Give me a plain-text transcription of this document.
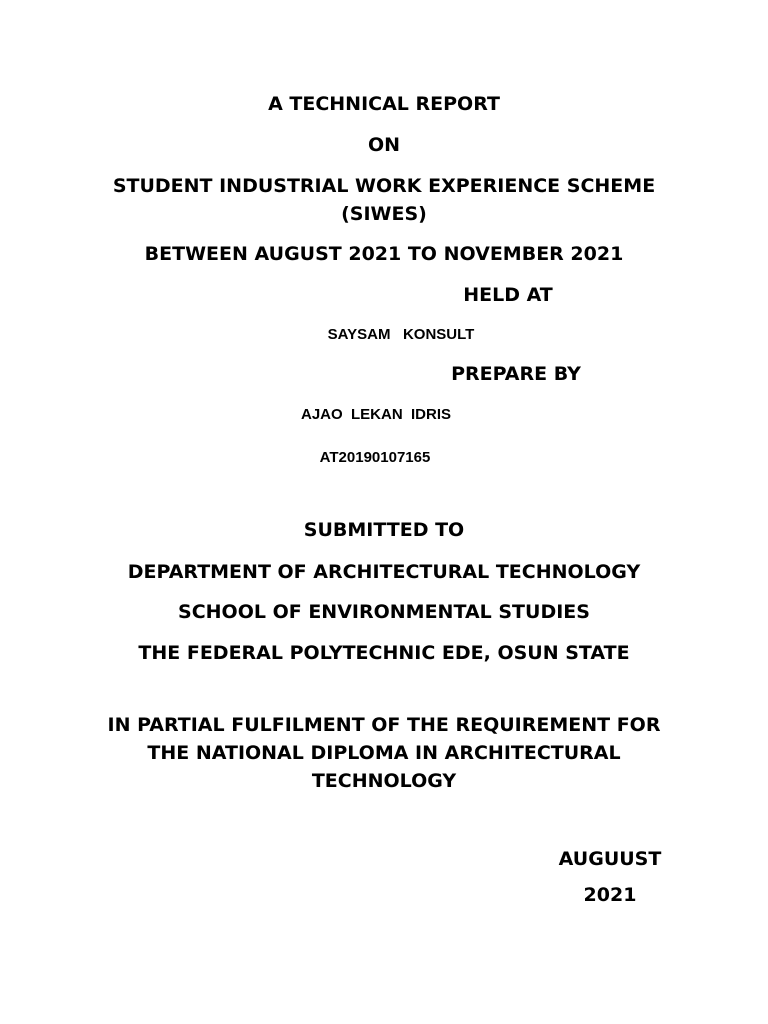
A TECHNICAL REPORT
ON
STUDENT INDUSTRIAL WORK EXPERIENCE SCHEME (SIWES)
BETWEEN AUGUST 2021 TO NOVEMBER 2021
HELD AT
SAYSAM   KONSULT
PREPARE BY
AJAO  LEKAN  IDRIS
AT20190107165
SUBMITTED TO
DEPARTMENT OF ARCHITECTURAL TECHNOLOGY
SCHOOL OF ENVIRONMENTAL STUDIES
THE FEDERAL POLYTECHNIC EDE, OSUN STATE
IN PARTIAL FULFILMENT OF THE REQUIREMENT FOR THE NATIONAL DIPLOMA IN ARCHITECTURAL TECHNOLOGY
AUGUUST 2021
